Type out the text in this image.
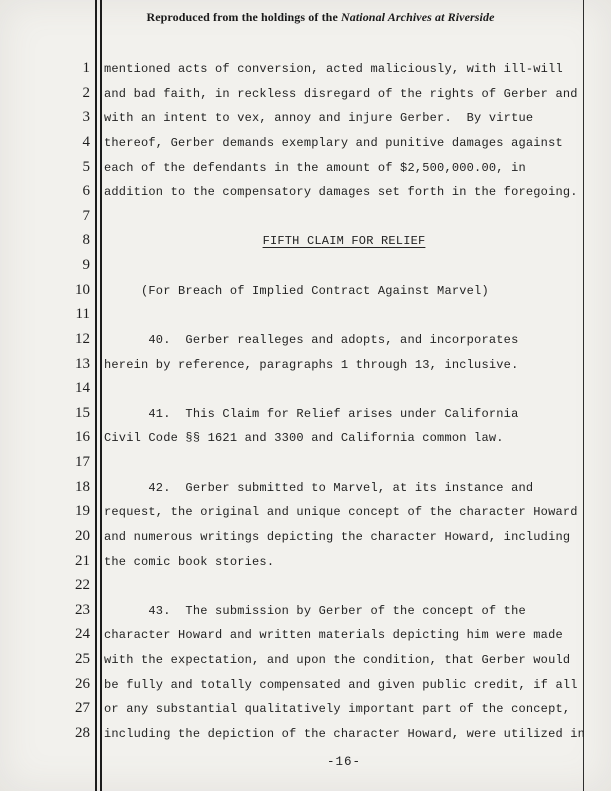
Reproduced from the holdings of the National Archives at Riverside
1 mentioned acts of conversion, acted maliciously, with ill-will
2 and bad faith, in reckless disregard of the rights of Gerber and
3 with an intent to vex, annoy and injure Gerber.  By virtue
4 thereof, Gerber demands exemplary and punitive damages against
5 each of the defendants in the amount of $2,500,000.00, in
6 addition to the compensatory damages set forth in the foregoing.
7
8	FIFTH CLAIM FOR RELIEF
9
10 (For Breach of Implied Contract Against Marvel)
11
12 40.  Gerber realleges and adopts, and incorporates
13 herein by reference, paragraphs 1 through 13, inclusive.
14
15 41.  This Claim for Relief arises under California
16 Civil Code §§ 1621 and 3300 and California common law.
17
18 42.  Gerber submitted to Marvel, at its instance and
19 request, the original and unique concept of the character Howard
20 and numerous writings depicting the character Howard, including
21 the comic book stories.
22
23 43.  The submission by Gerber of the concept of the
24 character Howard and written materials depicting him were made
25 with the expectation, and upon the condition, that Gerber would
26 be fully and totally compensated and given public credit, if all
27 or any substantial qualitatively important part of the concept,
28 including the depiction of the character Howard, were utilized in
-16-
